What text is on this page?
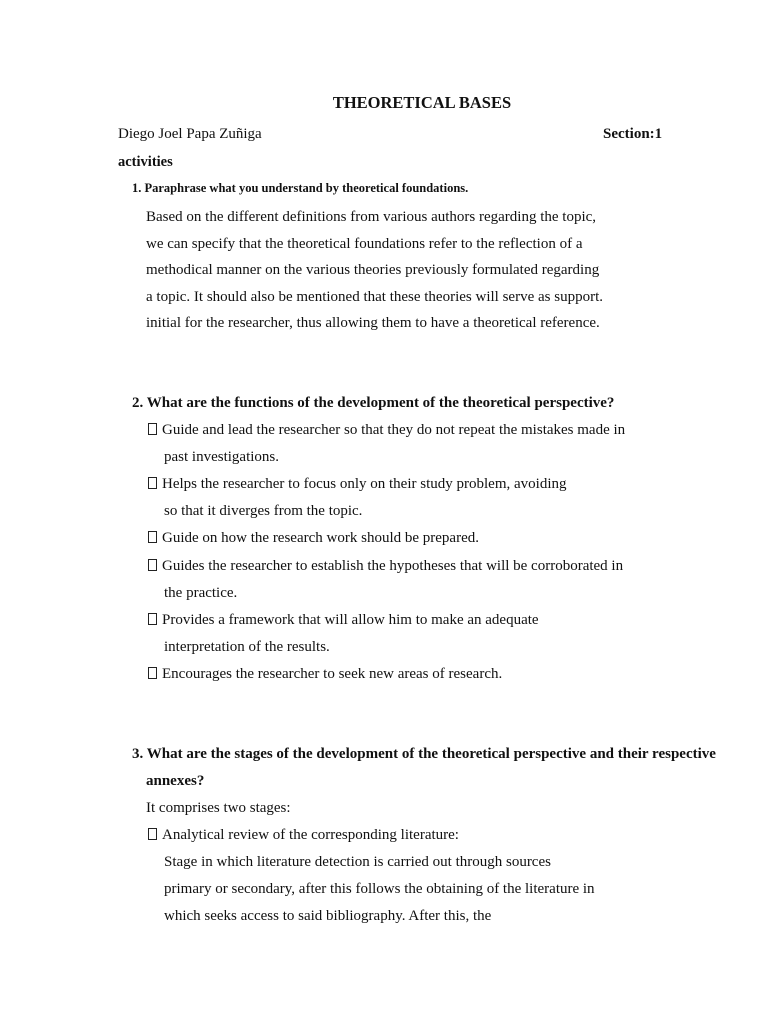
THEORETICAL BASES
Diego Joel Papa Zuñiga	Section:1
activities
1. Paraphrase what you understand by theoretical foundations.
Based on the different definitions from various authors regarding the topic,
we can specify that the theoretical foundations refer to the reflection of a
methodical manner on the various theories previously formulated regarding
a topic. It should also be mentioned that these theories will serve as support.
initial for the researcher, thus allowing them to have a theoretical reference.
2. What are the functions of the development of the theoretical perspective?
Guide and lead the researcher so that they do not repeat the mistakes made in
past investigations.
Helps the researcher to focus only on their study problem, avoiding
so that it diverges from the topic.
Guide on how the research work should be prepared.
Guides the researcher to establish the hypotheses that will be corroborated in
the practice.
Provides a framework that will allow him to make an adequate
interpretation of the results.
Encourages the researcher to seek new areas of research.
3. What are the stages of the development of the theoretical perspective and their respective
annexes?
It comprises two stages:
Analytical review of the corresponding literature:
Stage in which literature detection is carried out through sources
primary or secondary, after this follows the obtaining of the literature in
which seeks access to said bibliography. After this, the
